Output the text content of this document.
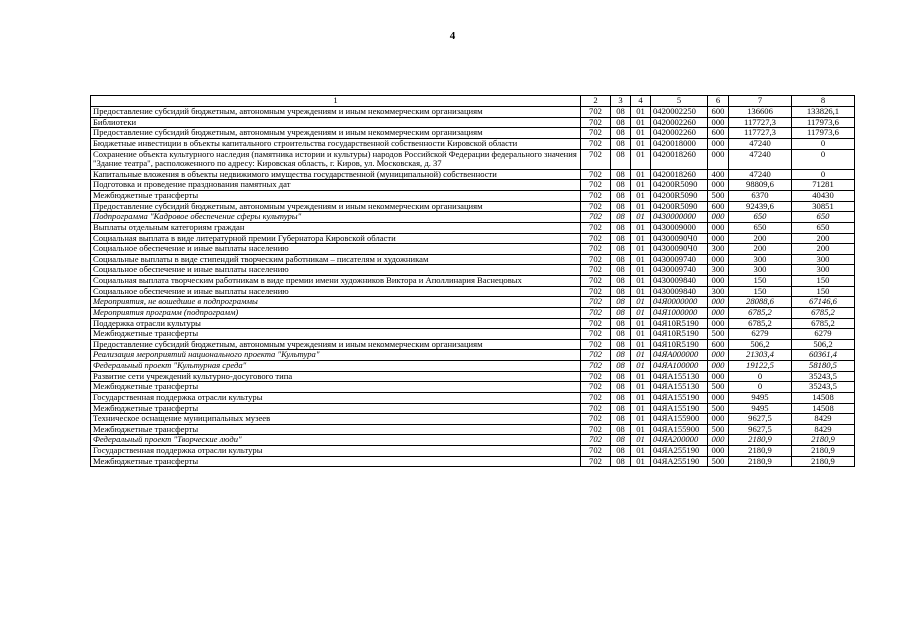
4
1	2	3	4	5	6	7	8
Предоставление субсидий бюджетным, автономным учреждениям и иным некоммерческим организациям	702	08	01	0420002250	600	136606	133826,1
Библиотеки	702	08	01	0420002260	000	117727,3	117973,6
Предоставление субсидий бюджетным, автономным учреждениям и иным некоммерческим организациям	702	08	01	0420002260	600	117727,3	117973,6
Бюджетные инвестиции в объекты капитального строительства государственной собственности Кировской области	702	08	01	0420018000	000	47240	0
Сохранение объекта культурного наследия (памятника истории и культуры) народов Российской Федерации федерального значения "Здание театра", расположенного по адресу: Кировская область, г. Киров, ул. Московская, д. 37	702	08	01	0420018260	000	47240	0
Капитальные вложения в объекты недвижимого имущества государственной (муниципальной) собственности	702	08	01	0420018260	400	47240	0
Подготовка и проведение празднования памятных дат	702	08	01	04200R5090	000	98809,6	71281
Межбюджетные трансферты	702	08	01	04200R5090	500	6370	40430
Предоставление субсидий бюджетным, автономным учреждениям и иным некоммерческим организациям	702	08	01	04200R5090	600	92439,6	30851
Подпрограмма "Кадровое обеспечение сферы культуры"	702	08	01	0430000000	000	650	650
Выплаты отдельным категориям граждан	702	08	01	0430009000	000	650	650
Социальная выплата в виде литературной премии Губернатора Кировской области	702	08	01	04300090Ч0	000	200	200
Социальное обеспечение и иные выплаты населению	702	08	01	04300090Ч0	300	200	200
Социальные выплаты в виде стипендий творческим работникам – писателям и художникам	702	08	01	0430009740	000	300	300
Социальное обеспечение и иные выплаты населению	702	08	01	0430009740	300	300	300
Социальная выплата творческим работникам в виде премии имени художников Виктора и Аполлинария Васнецовых	702	08	01	0430009840	000	150	150
Социальное обеспечение и иные выплаты населению	702	08	01	0430009840	300	150	150
Мероприятия, не вошедшие в подпрограммы	702	08	01	04Я0000000	000	28088,6	67146,6
Мероприятия программ (подпрограмм)	702	08	01	04Я1000000	000	6785,2	6785,2
Поддержка отрасли культуры	702	08	01	04Я10R5190	000	6785,2	6785,2
Межбюджетные трансферты	702	08	01	04Я10R5190	500	6279	6279
Предоставление субсидий бюджетным, автономным учреждениям и иным некоммерческим организациям	702	08	01	04Я10R5190	600	506,2	506,2
Реализация мероприятий национального проекта "Культура"	702	08	01	04ЯA000000	000	21303,4	60361,4
Федеральный проект "Культурная среда"	702	08	01	04ЯA100000	000	19122,5	58180,5
Развитие сети учреждений культурно-досугового типа	702	08	01	04ЯA155130	000	0	35243,5
Межбюджетные трансферты	702	08	01	04ЯA155130	500	0	35243,5
Государственная поддержка отрасли культуры	702	08	01	04ЯA155190	000	9495	14508
Межбюджетные трансферты	702	08	01	04ЯA155190	500	9495	14508
Техническое оснащение муниципальных музеев	702	08	01	04ЯA155900	000	9627,5	8429
Межбюджетные трансферты	702	08	01	04ЯA155900	500	9627,5	8429
Федеральный проект "Творческие люди"	702	08	01	04ЯA200000	000	2180,9	2180,9
Государственная поддержка отрасли культуры	702	08	01	04ЯA255190	000	2180,9	2180,9
Межбюджетные трансферты	702	08	01	04ЯA255190	500	2180,9	2180,9
